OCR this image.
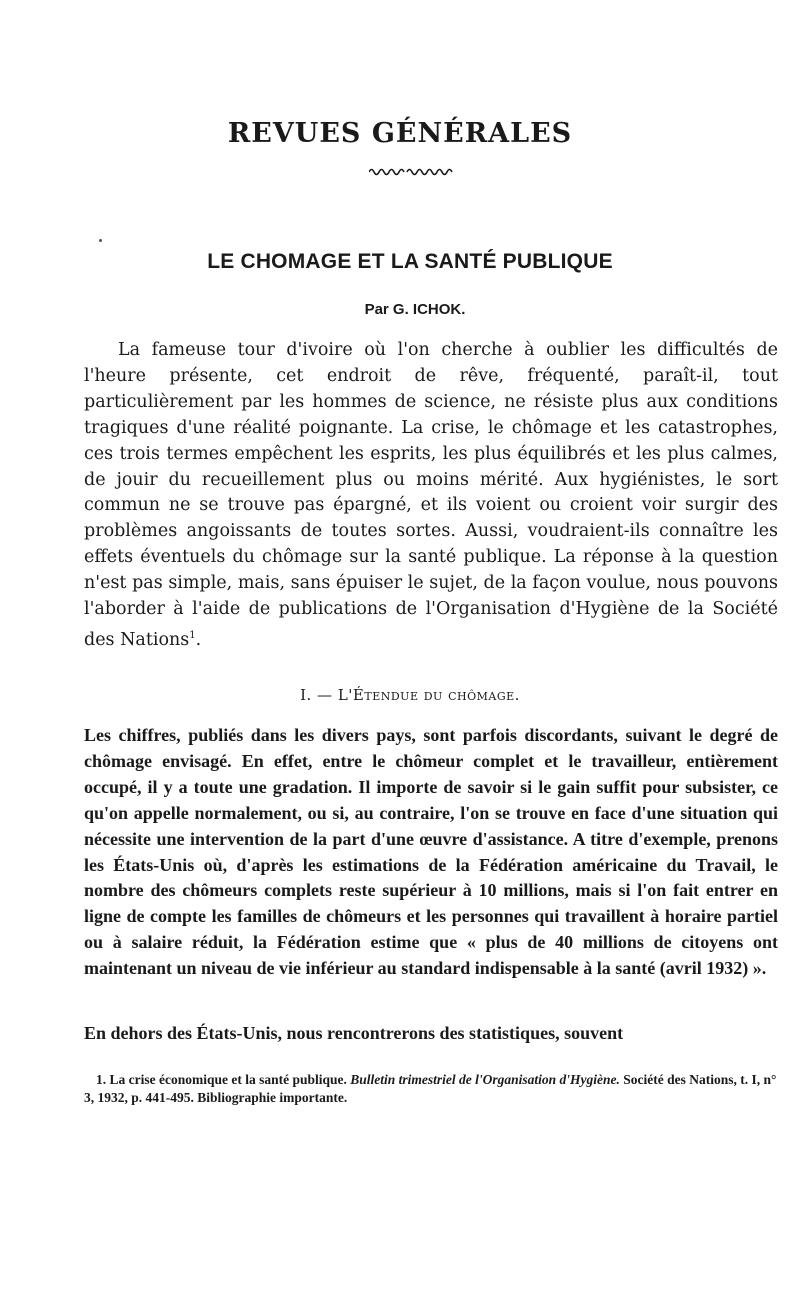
REVUES GÉNÉRALES
LE CHOMAGE ET LA SANTÉ PUBLIQUE
Par G. ICHOK.

La fameuse tour d'ivoire où l'on cherche à oublier les difficultés de l'heure présente, cet endroit de rêve, fréquenté, paraît-il, tout particulièrement par les hommes de science, ne résiste plus aux conditions tragiques d'une réalité poignante. La crise, le chômage et les catastrophes, ces trois termes empêchent les esprits, les plus équilibrés et les plus calmes, de jouir du recueillement plus ou moins mérité. Aux hygiénistes, le sort commun ne se trouve pas épargné, et ils voient ou croient voir surgir des problèmes angoissants de toutes sortes. Aussi, voudraient-ils connaître les effets éventuels du chômage sur la santé publique. La réponse à la question n'est pas simple, mais, sans épuiser le sujet, de la façon voulue, nous pouvons l'aborder à l'aide de publications de l'Organisation d'Hygiène de la Société des Nations$^1$.

I. — L'Étendue du chômage.

Les chiffres, publiés dans les divers pays, sont parfois discordants, suivant le degré de chômage envisagé. En effet, entre le chômeur complet et le travailleur, entièrement occupé, il y a toute une gradation. Il importe de savoir si le gain suffit pour subsister, ce qu'on appelle normalement, ou si, au contraire, l'on se trouve en face d'une situation qui nécessite une intervention de la part d'une œuvre d'assistance. A titre d'exemple, prenons les États-Unis où, d'après les estimations de la Fédération américaine du Travail, le nombre des chômeurs complets reste supérieur à 10 millions, mais si l'on fait entrer en ligne de compte les familles de chômeurs et les personnes qui travaillent à horaire partiel ou à salaire réduit, la Fédération estime que « plus de 40 millions de citoyens ont maintenant un niveau de vie inférieur au standard indispensable à la santé (avril 1932) ».

En dehors des États-Unis, nous rencontrerons des statistiques, souvent

1. La crise économique et la santé publique. Bulletin trimestriel de l'Organisation d'Hygiène. Société des Nations, t. I, n° 3, 1932, p. 441-495. Bibliographie importante.
